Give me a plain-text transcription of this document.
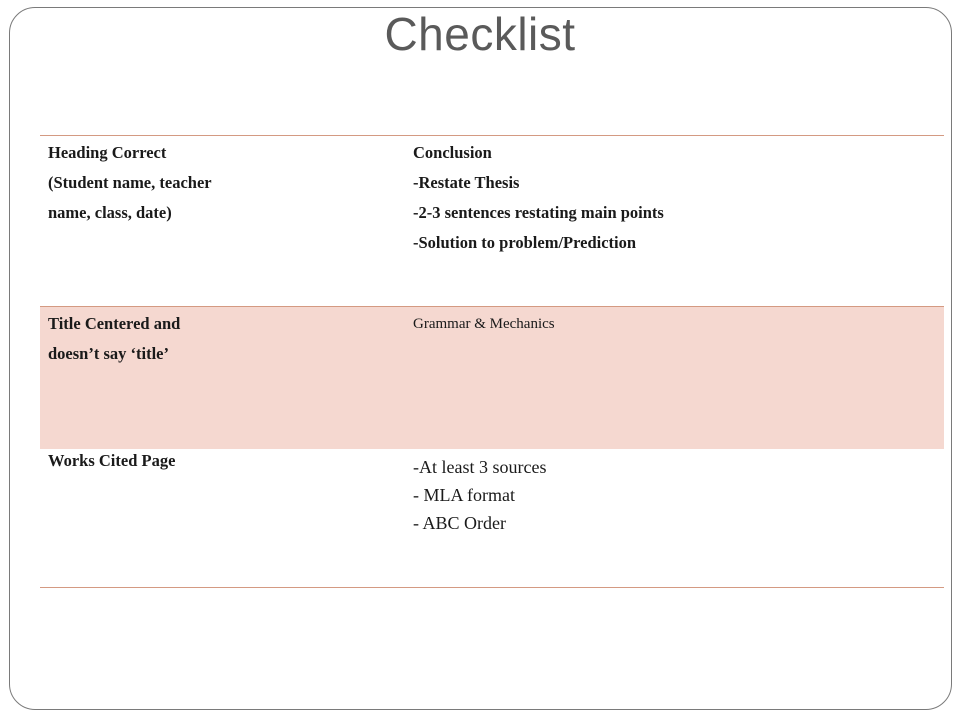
Checklist
Heading Correct
(Student name, teacher
name, class, date)	Conclusion
-Restate Thesis
-2-3 sentences restating main points
-Solution to problem/Prediction

Title Centered and
doesn’t say ‘title’	Grammar & Mechanics

Works Cited Page	-At least 3 sources
- MLA format
- ABC Order
